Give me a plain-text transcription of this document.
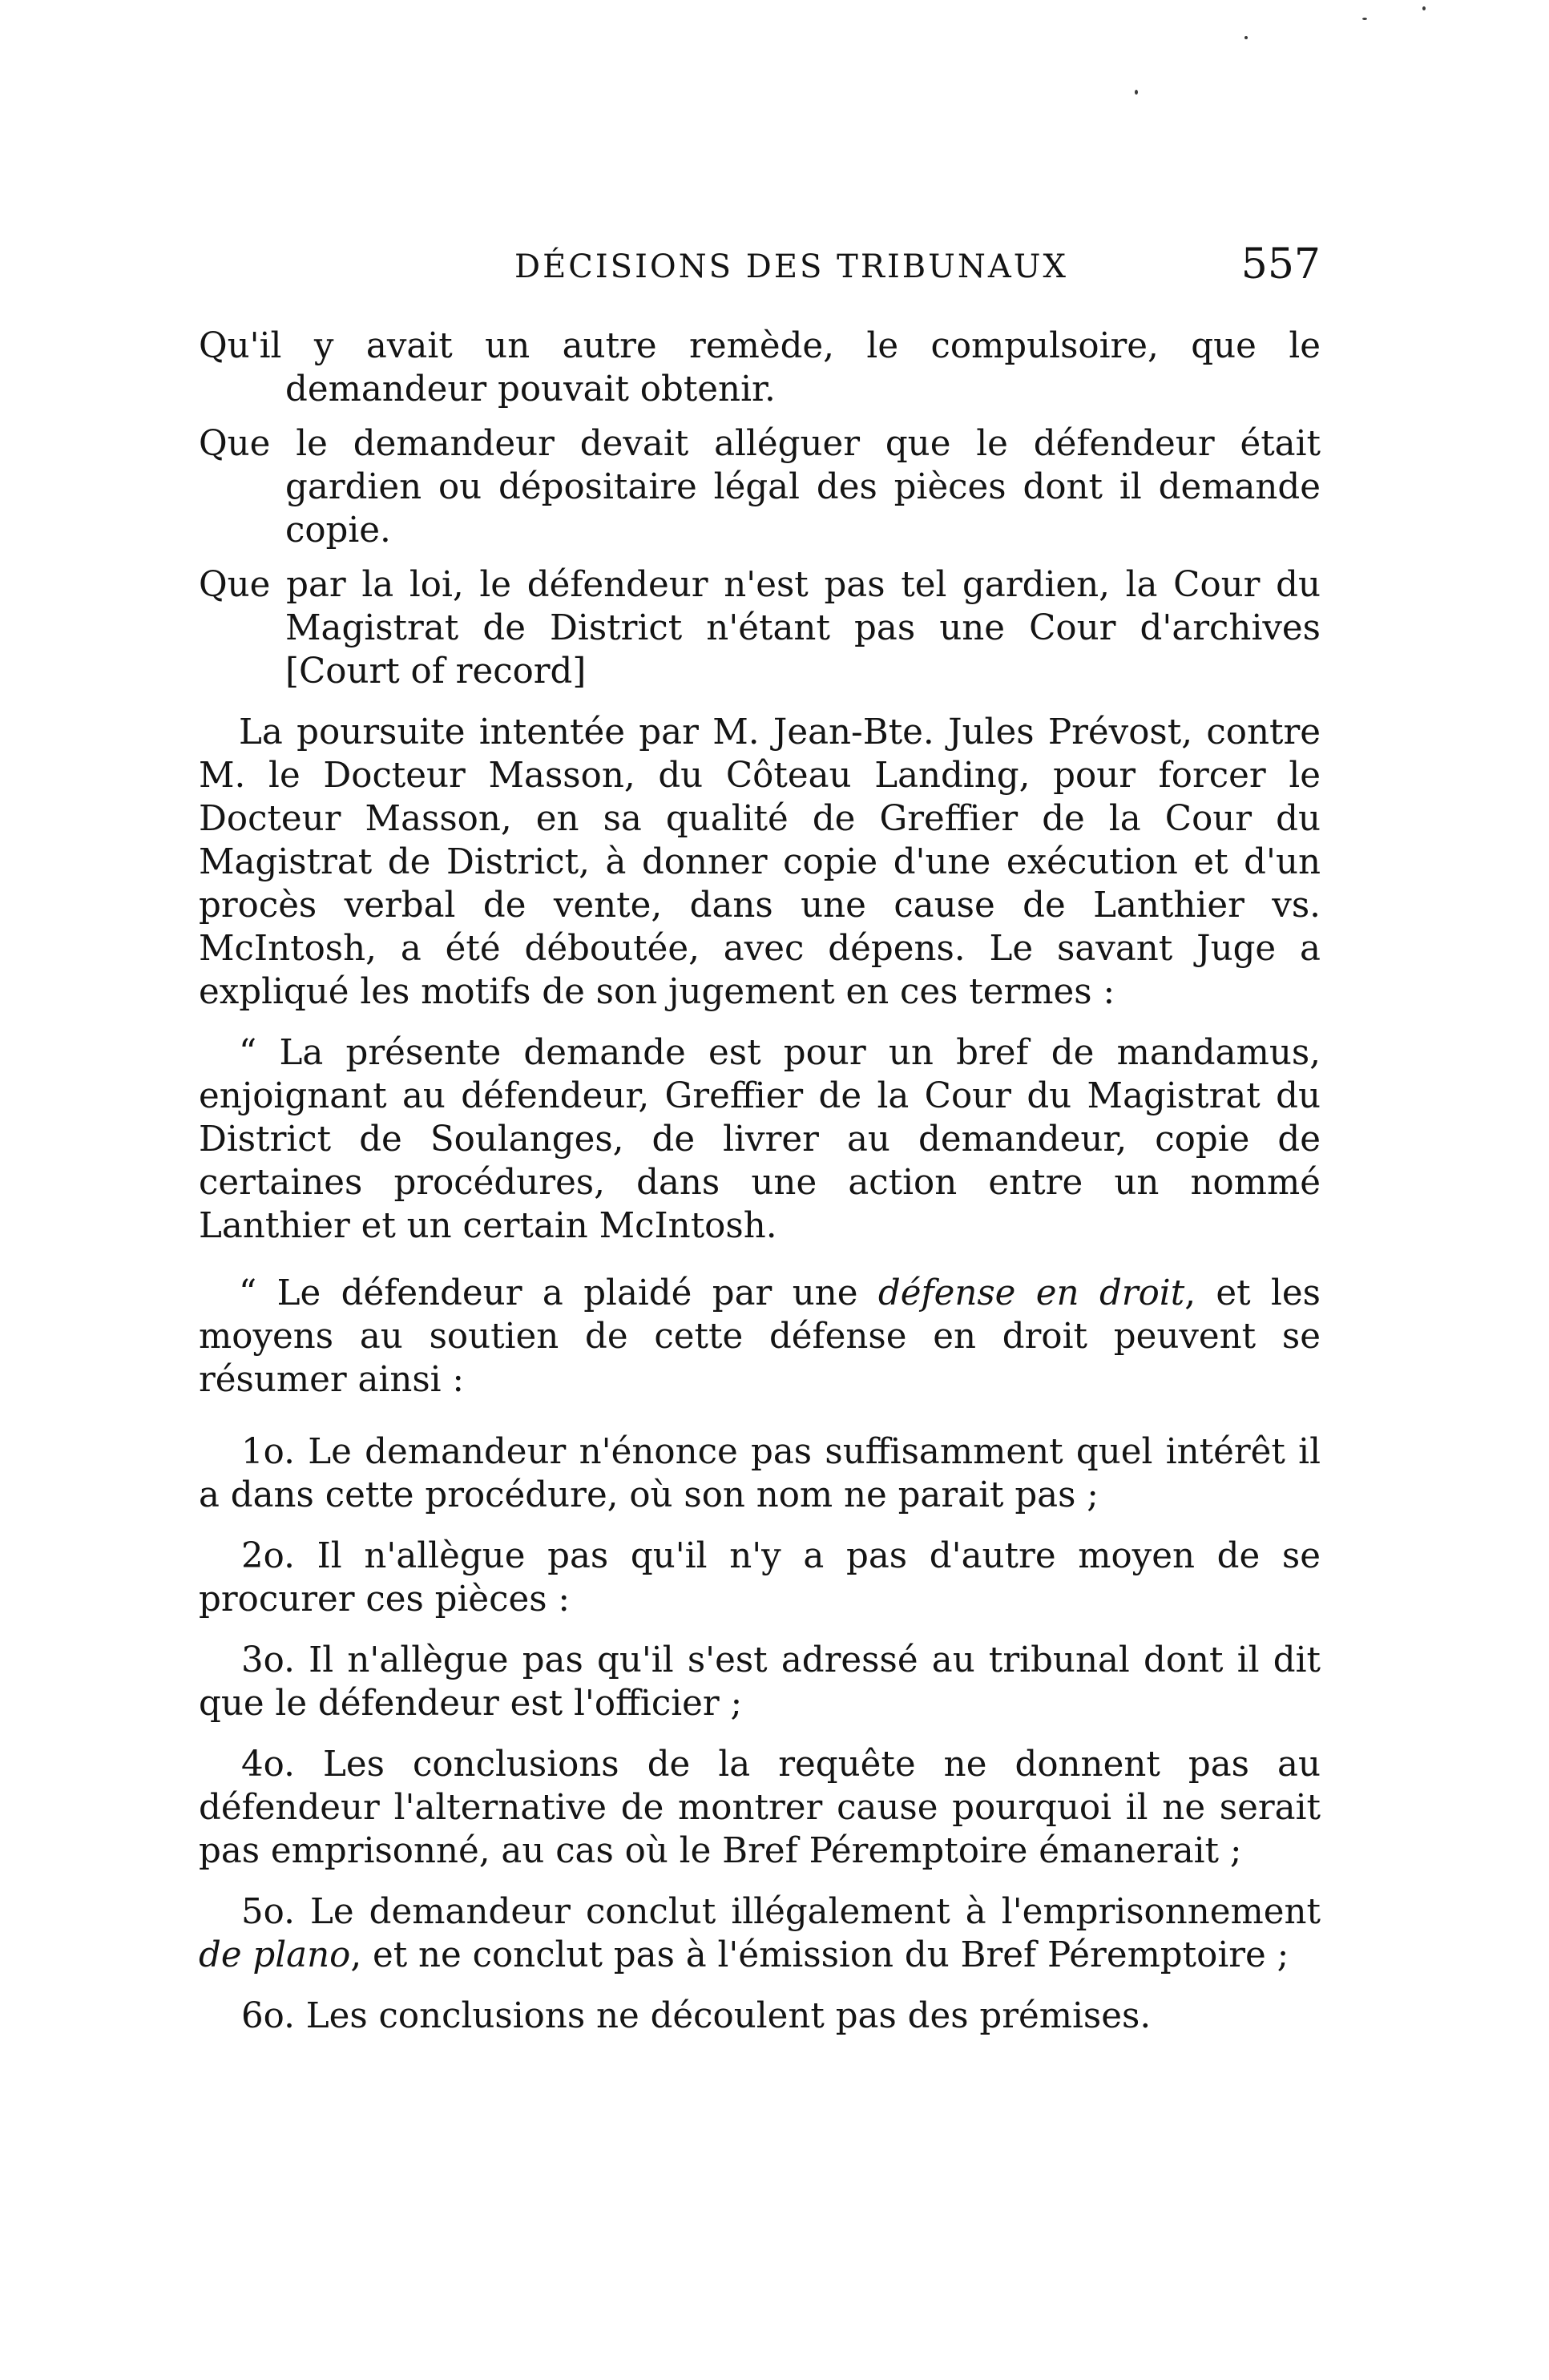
DÉCISIONS DES TRIBUNAUX	557

Qu'il y avait un autre remède, le compulsoire, que le demandeur pouvait obtenir.

Que le demandeur devait alléguer que le défendeur était gardien ou dépositaire légal des pièces dont il demande copie.

Que par la loi, le défendeur n'est pas tel gardien, la Cour du Magistrat de District n'étant pas une Cour d'archives [Court of record]

La poursuite intentée par M. Jean-Bte. Jules Prévost, contre M. le Docteur Masson, du Côteau Landing, pour forcer le Docteur Masson, en sa qualité de Greffier de la Cour du Magistrat de District, à donner copie d'une exécution et d'un procès verbal de vente, dans une cause de Lanthier vs. McIntosh, a été déboutée, avec dépens. Le savant Juge a expliqué les motifs de son jugement en ces termes :

“ La présente demande est pour un bref de mandamus, enjoignant au défendeur, Greffier de la Cour du Magistrat du District de Soulanges, de livrer au demandeur, copie de certaines procédures, dans une action entre un nommé Lanthier et un certain McIntosh.

“ Le défendeur a plaidé par une défense en droit, et les moyens au soutien de cette défense en droit peuvent se résumer ainsi :

1o. Le demandeur n'énonce pas suffisamment quel intérêt il a dans cette procédure, où son nom ne parait pas ;

2o. Il n'allègue pas qu'il n'y a pas d'autre moyen de se procurer ces pièces :

3o. Il n'allègue pas qu'il s'est adressé au tribunal dont il dit que le défendeur est l'officier ;

4o. Les conclusions de la requête ne donnent pas au défendeur l'alternative de montrer cause pourquoi il ne serait pas emprisonné, au cas où le Bref Péremptoire émanerait ;

5o. Le demandeur conclut illégalement à l'emprisonnement de plano, et ne conclut pas à l'émission du Bref Péremptoire ;

6o. Les conclusions ne découlent pas des prémises.
